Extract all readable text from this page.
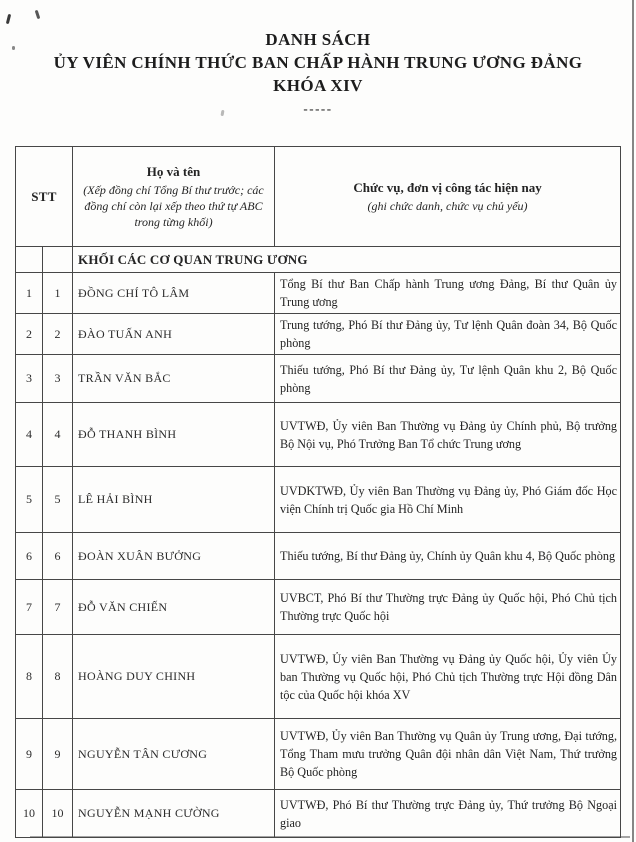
DANH SÁCH
ỦY VIÊN CHÍNH THỨC BAN CHẤP HÀNH TRUNG ƯƠNG ĐẢNG
KHÓA XIV
-----
STT	
Họ và tên
(Xếp đồng chí Tổng Bí thư trước; các đồng chí còn lại xếp theo thứ tự ABC trong từng khối)

Chức vụ, đơn vị công tác hiện nay
(ghi chức danh, chức vụ chủ yếu)

		KHỐI CÁC CƠ QUAN TRUNG ƯƠNG	
1	1	ĐỒNG CHÍ TÔ LÂM	Tổng Bí thư Ban Chấp hành Trung ương Đảng, Bí thư Quân ủy Trung ương
2	2	ĐÀO TUẤN ANH	Trung tướng, Phó Bí thư Đảng ủy, Tư lệnh Quân đoàn 34, Bộ Quốc phòng
3	3	TRẦN VĂN BẮC	Thiếu tướng, Phó Bí thư Đảng ủy, Tư lệnh Quân khu 2, Bộ Quốc phòng
4	4	ĐỖ THANH BÌNH	UVTWĐ, Ủy viên Ban Thường vụ Đảng ủy Chính phủ, Bộ trưởng Bộ Nội vụ, Phó Trưởng Ban Tổ chức Trung ương
5	5	LÊ HẢI BÌNH	UVDKTWĐ, Ủy viên Ban Thường vụ Đảng ủy, Phó Giám đốc Học viện Chính trị Quốc gia Hồ Chí Minh
6	6	ĐOÀN XUÂN BƯỞNG	Thiếu tướng, Bí thư Đảng ủy, Chính ủy Quân khu 4, Bộ Quốc phòng
7	7	ĐỖ VĂN CHIẾN	UVBCT, Phó Bí thư Thường trực Đảng ủy Quốc hội, Phó Chủ tịch Thường trực Quốc hội
8	8	HOÀNG DUY CHINH	UVTWĐ, Ủy viên Ban Thường vụ Đảng ủy Quốc hội, Ủy viên Ủy ban Thường vụ Quốc hội, Phó Chủ tịch Thường trực Hội đồng Dân tộc của Quốc hội khóa XV
9	9	NGUYỄN TÂN CƯƠNG	UVTWĐ, Ủy viên Ban Thường vụ Quân ủy Trung ương, Đại tướng, Tổng Tham mưu trưởng Quân đội nhân dân Việt Nam, Thứ trưởng Bộ Quốc phòng
10	10	NGUYỄN MẠNH CƯỜNG	UVTWĐ, Phó Bí thư Thường trực Đảng ủy, Thứ trưởng Bộ Ngoại giao
